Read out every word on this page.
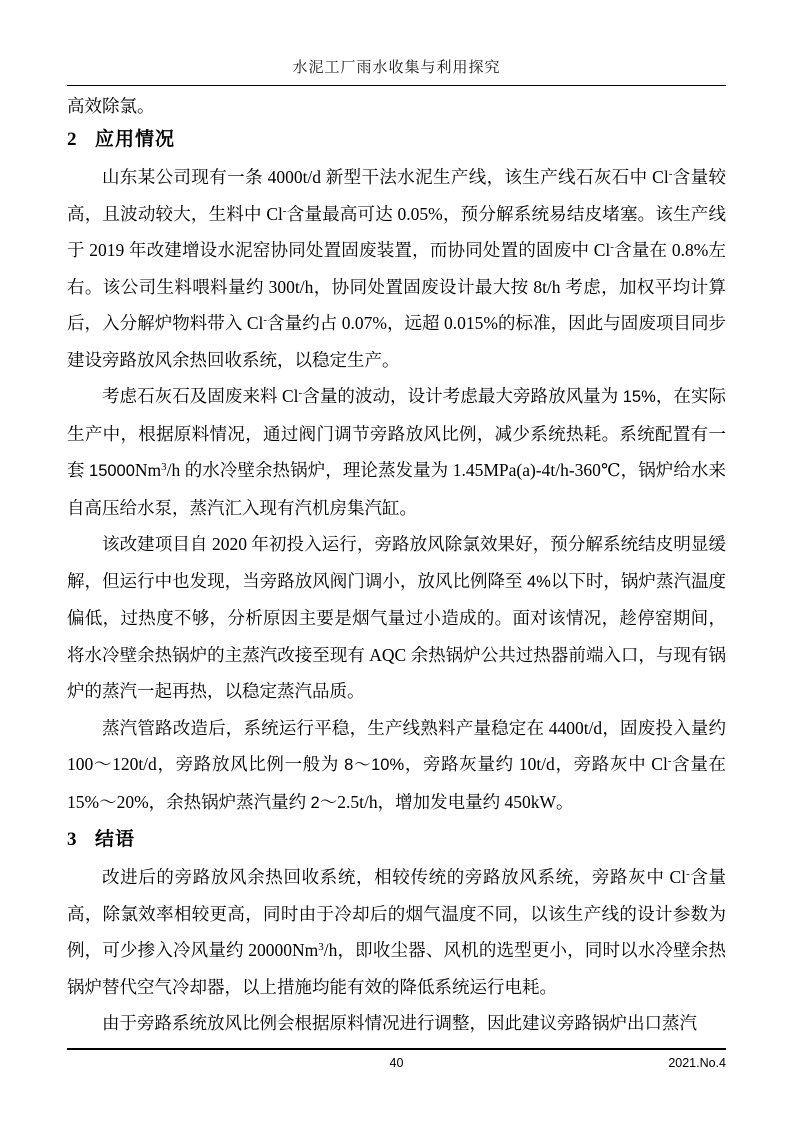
水泥工厂雨水收集与利用探究

高效除氯。

2 应用情况

山东某公司现有一条 4000t/d 新型干法水泥生产线，该生产线石灰石中 Cl-含量较高，且波动较大，生料中 Cl-含量最高可达 0.05%，预分解系统易结皮堵塞。该生产线于 2019 年改建增设水泥窑协同处置固废装置，而协同处置的固废中 Cl-含量在 0.8%左右。该公司生料喂料量约 300t/h，协同处置固废设计最大按 8t/h 考虑，加权平均计算后，入分解炉物料带入 Cl-含量约占 0.07%，远超 0.015%的标准，因此与固废项目同步建设旁路放风余热回收系统，以稳定生产。

考虑石灰石及固废来料 Cl-含量的波动，设计考虑最大旁路放风量为 15%，在实际生产中，根据原料情况，通过阀门调节旁路放风比例，减少系统热耗。系统配置有一套 15000Nm$^3$/h 的水冷壁余热锅炉，理论蒸发量为 1.45MPa(a)-4t/h-360℃，锅炉给水来自高压给水泵，蒸汽汇入现有汽机房集汽缸。

该改建项目自 2020 年初投入运行，旁路放风除氯效果好，预分解系统结皮明显缓解，但运行中也发现，当旁路放风阀门调小，放风比例降至 4%以下时，锅炉蒸汽温度偏低，过热度不够，分析原因主要是烟气量过小造成的。面对该情况，趁停窑期间，将水冷壁余热锅炉的主蒸汽改接至现有 AQC 余热锅炉公共过热器前端入口，与现有锅炉的蒸汽一起再热，以稳定蒸汽品质。

蒸汽管路改造后，系统运行平稳，生产线熟料产量稳定在 4400t/d，固废投入量约 100～120t/d，旁路放风比例一般为 8～10%，旁路灰量约 10t/d，旁路灰中 Cl-含量在 15%～20%，余热锅炉蒸汽量约 2～2.5t/h，增加发电量约 450kW。

3 结语

改进后的旁路放风余热回收系统，相较传统的旁路放风系统，旁路灰中 Cl-含量高，除氯效率相较更高，同时由于冷却后的烟气温度不同，以该生产线的设计参数为例，可少掺入冷风量约 20000Nm$^3$/h，即收尘器、风机的选型更小，同时以水冷壁余热锅炉替代空气冷却器，以上措施均能有效的降低系统运行电耗。

由于旁路系统放风比例会根据原料情况进行调整，因此建议旁路锅炉出口蒸汽

40	2021.No.4
